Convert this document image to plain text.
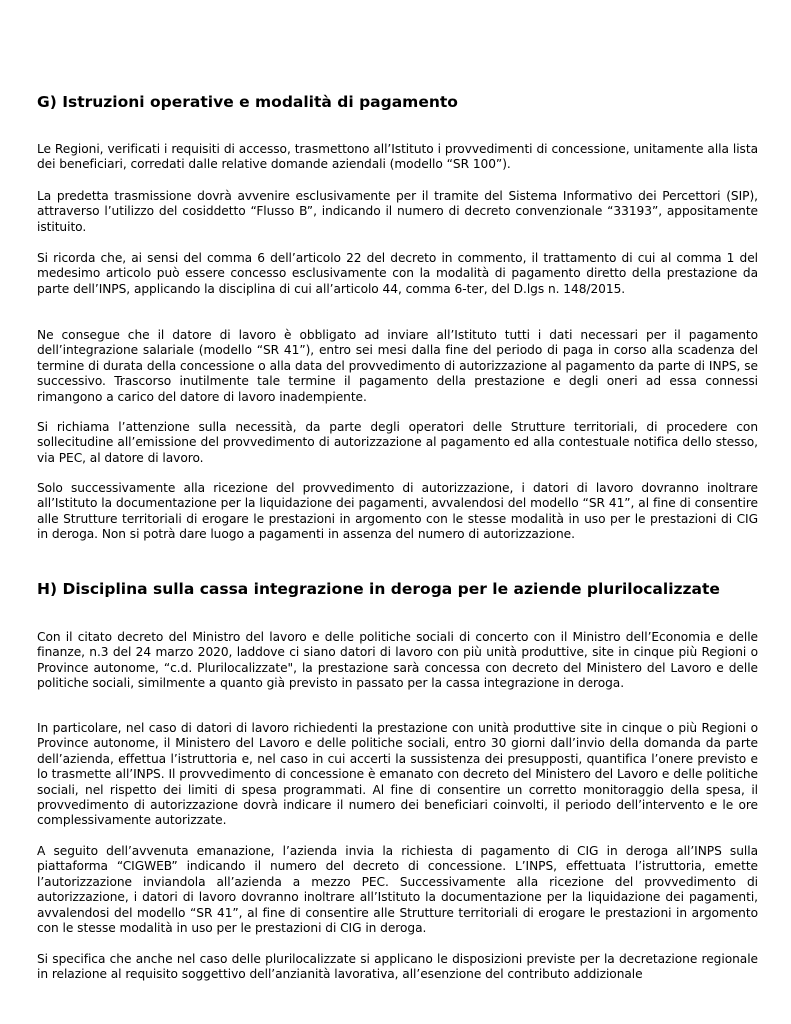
G) Istruzioni operative e modalità di pagamento

Le Regioni, verificati i requisiti di accesso, trasmettono all’Istituto i provvedimenti di concessione, unitamente alla lista dei beneficiari, corredati dalle relative domande aziendali (modello “SR 100”).

La predetta trasmissione dovrà avvenire esclusivamente per il tramite del Sistema Informativo dei Percettori (SIP), attraverso l’utilizzo del cosiddetto “Flusso B”, indicando il numero di decreto convenzionale “33193”, appositamente istituito.

Si ricorda che, ai sensi del comma 6 dell’articolo 22 del decreto in commento, il trattamento di cui al comma 1 del medesimo articolo può essere concesso esclusivamente con la modalità di pagamento diretto della prestazione da parte dell’INPS, applicando la disciplina di cui all’articolo 44, comma 6-ter, del D.lgs n. 148/2015.

Ne consegue che il datore di lavoro è obbligato ad inviare all’Istituto tutti i dati necessari per il pagamento dell’integrazione salariale (modello “SR 41”), entro sei mesi dalla fine del periodo di paga in corso alla scadenza del termine di durata della concessione o alla data del provvedimento di autorizzazione al pagamento da parte di INPS, se successivo. Trascorso inutilmente tale termine il pagamento della prestazione e degli oneri ad essa connessi rimangono a carico del datore di lavoro inadempiente.

Si richiama l’attenzione sulla necessità, da parte degli operatori delle Strutture territoriali, di procedere con sollecitudine all’emissione del provvedimento di autorizzazione al pagamento ed alla contestuale notifica dello stesso, via PEC, al datore di lavoro.

Solo successivamente alla ricezione del provvedimento di autorizzazione, i datori di lavoro dovranno inoltrare all’Istituto la documentazione per la liquidazione dei pagamenti, avvalendosi del modello “SR 41”, al fine di consentire alle Strutture territoriali di erogare le prestazioni in argomento con le stesse modalità in uso per le prestazioni di CIG in deroga. Non si potrà dare luogo a pagamenti in assenza del numero di autorizzazione.

H) Disciplina sulla cassa integrazione in deroga per le aziende plurilocalizzate

Con il citato decreto del Ministro del lavoro e delle politiche sociali di concerto con il Ministro dell’Economia e delle finanze, n.3 del 24 marzo 2020, laddove ci siano datori di lavoro con più unità produttive, site in cinque più Regioni o Province autonome, “c.d. Plurilocalizzate", la prestazione sarà concessa con decreto del Ministero del Lavoro e delle politiche sociali, similmente a quanto già previsto in passato per la cassa integrazione in deroga.

In particolare, nel caso di datori di lavoro richiedenti la prestazione con unità produttive site in cinque o più Regioni o Province autonome, il Ministero del Lavoro e delle politiche sociali, entro 30 giorni dall’invio della domanda da parte dell’azienda, effettua l’istruttoria e, nel caso in cui accerti la sussistenza dei presupposti, quantifica l’onere previsto e lo trasmette all’INPS. Il provvedimento di concessione è emanato con decreto del Ministero del Lavoro e delle politiche sociali, nel rispetto dei limiti di spesa programmati. Al fine di consentire un corretto monitoraggio della spesa, il provvedimento di autorizzazione dovrà indicare il numero dei beneficiari coinvolti, il periodo dell’intervento e le ore complessivamente autorizzate.

A seguito dell’avvenuta emanazione, l’azienda invia la richiesta di pagamento di CIG in deroga all’INPS sulla piattaforma “CIGWEB” indicando il numero del decreto di concessione. L’INPS, effettuata l’istruttoria, emette l’autorizzazione inviandola all’azienda a mezzo PEC. Successivamente alla ricezione del provvedimento di autorizzazione, i datori di lavoro dovranno inoltrare all’Istituto la documentazione per la liquidazione dei pagamenti, avvalendosi del modello “SR 41”, al fine di consentire alle Strutture territoriali di erogare le prestazioni in argomento con le stesse modalità in uso per le prestazioni di CIG in deroga.

Si specifica che anche nel caso delle plurilocalizzate si applicano le disposizioni previste per la decretazione regionale in relazione al requisito soggettivo dell’anzianità lavorativa, all’esenzione del contributo addizionale
